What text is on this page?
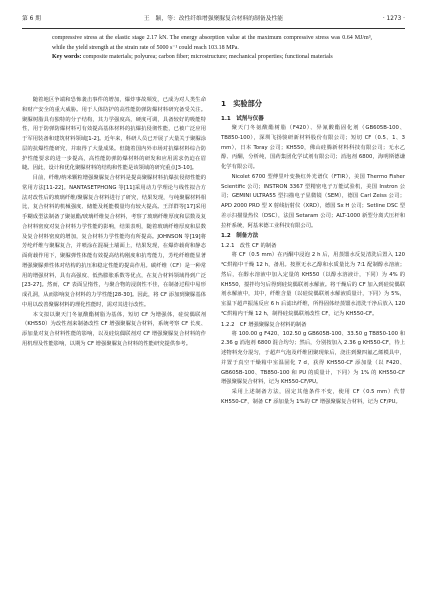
第 6 期	王　颖，等：改性纤维增强聚脲复合材料的制备及性能	· 1273 ·

compressive stress at the elastic stage 2.17 kN. The energy absorption value at the maximum compressive stress was 0.64 MJ/m³, while the yield strength at the strain rate of 5000 s⁻¹ could reach 103.18 MPa.

Key words: composite materials; polyurea; carbon fiber; microstructure; mechanical properties; functional materials

随着地区争端和恐怖袭击事件的增加，爆炸事故频发，已成为对人类生命和财产安全的重大威胁。用于人体防护的高性能防弹防爆材料研究备受关注。聚脲树脂具有独特的分子结构，其力学强度高，硬度可调，具备较好的吸能特性，用于防弹防爆材料可有效提高基体材料的抗爆抗侵彻性能，已被广泛应用于军用装备和建筑材料领域[1-2]。近年来，科研人员已开展了大量关于聚脲涂层的抗爆性能研究，并取得了大量成果。但随着国内外市场对抗爆材料综合防护性能要求的进一步提高，高性能防弹防爆材料的研发和应用需求仍迫在眉睫。因此，设计和优化聚脲材料的结构和性能是该领域的研究重点[3-10]。

目前，纤维/纳米颗粒增强聚脲复合材料是提高聚脲材料抗爆抗侵彻性能的常用方法[11-22]。NANTASETPHONG 等[11]采用动力学理论与线性拟合方法对改性后的玻璃纤维/聚脲复合材料进行了研究，结果发现，与纯聚脲材料相比，复合材料的机械强度、储能及耗能模量均有较大提高。王洋群等[17]采用手糊成型法制备了聚氨酯/玻璃纤维复合材料，考察了玻璃纤维厚度和层数及复合材料密度对复合材料力学性能的影响，结果表明，随着玻璃纤维厚度和层数及复合材料密度的增加，复合材料力学性能均有所提高。JOHNSON 等[19]将芳纶纤维与聚脲复合，并喷涂在混凝土墙面上，结果发现，在爆炸载荷和静态面荷载作用下，聚脲弹性体能有效提高结构刚度和抗弯能力，芳纶纤维能显著增强聚脲弹性体对结构的抗压和稳定性能的提高作用。碳纤维（CF）是一种常用的增强材料，具有高强度、低热膨胀系数等优点，在复合材料领域得到广泛[23-27]。然而，CF 表面呈惰性，与聚合物的浸润性不佳，在制备过程中易形成孔洞，从而影响复合材料的力学性能[28-30]。因此，将 CF 添加到聚脲基体中用以改善聚脲材料的理化性能时，需对其进行改性。

本文拟以聚天门冬氨酸酯树脂为基体，短切 CF 为增强体，硅烷偶联剂（KH550）为改性剂来制备改性 CF 增强聚脲复合材料，系统考察 CF 长度、添加量对复合材料性能的影响，以及硅烷偶联剂对 CF 增强聚脲复合材料的作用机理及性能影响，以期为 CF 增强聚脲复合材料的性能研究提供参考。

1　实验部分
1.1　试剂与仪器

聚天门冬氨酸酯树脂（F420）、异氰酸酯固化剂（GB605B-100、TB850-100），深圳飞扬骏研新材料股份有限公司；短切 CF（0.5、1、3 mm），日本 Toray 公司；KH550，佛山硅腾新材料科技有限公司；无水乙醇、丙酮，分析纯，国药集团化学试剂有限公司；消泡剂 6800，海明斯德谦化学有限公司。

Nicolet 6700 型傅里叶变换红外光谱仪（FTIR），美国 Thermo Fisher Scientific 公司；INSTRON 3367 型精密电子万能试验机，美国 Instron 公司；GEMINI ULTRA55 型扫描电子显微镜（SEM），德国 Carl Zeiss 公司；APD 2000 PRO 型 X 射线衍射仪（XRD），德国 Sx H 公司；Setline DSC 型差示扫描量热仪（DSC），法国 Setaram 公司；ALT-1000 新型分离式压杆和拉杆系统，阿基米德工业科技有限公司。

1.2　制备方法
1.2.1　改性 CF 的制备

将 CF（0.5 mm）在丙酮中浸泡 2 h 后，用蒸馏水反复清洗后置入 120 ℃烘箱中干燥 12 h，备用。按照无水乙醇和水质量比为 7∶1 配制醇水溶液；然后，在醇水溶液中加入定量的 KH550（以醇水溶液计，下同）为 4% 的 KH550，搅拌均匀后得到硅烷偶联剂水解液。将干燥后的 CF 加入到硅烷偶联剂水解液中，其中，纤维含量（以硅烷偶联剂水解液质量计，下同）为 5%，室温下超声振荡反应 6 h 后滤出纤维，所得固体经蒸馏水清洗干净后放入 120 ℃烘箱内干燥 12 h，制得硅烷偶联剂改性 CF，记为 KH550-CF。

1.2.2　CF 增强聚脲复合材料的制备

将 100.00 g F420、102.50 g GB605B-100、33.50 g TB850-100 和 2.36 g 消泡剂 6800 混合均匀；然后，分别按加入 2.36 g KH550-CF，待上述物料充分混匀，于超声气泡及纤维团聚现象后，浇注到聚四氟乙烯模具中，并置于真空干燥箱中室温固化 7 d，获得 KH550-CF 添加量（以 F420、GB605B-100、TB850-100 和 PU 的质量计，下同）为 1% 的 KH550-CF 增强聚脲复合材料，记为 KH550-CF/PU。

采用上述制备方法，固定其他条件不变，使用 CF（0.5 mm）代替 KH550-CF，制备 CF 添加量为 1%的 CF 增强聚脲复合材料，记为 CF/PU。
